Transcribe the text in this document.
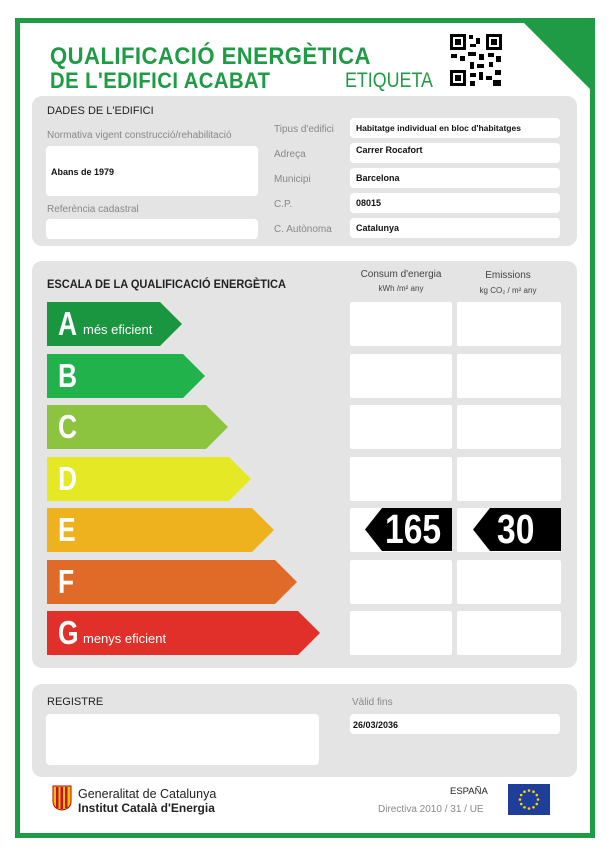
QUALIFICACIÓ ENERGÈTICA
DE L'EDIFICI ACABAT	ETIQUETA
DADES DE L'EDIFICI
Normativa vigent construcció/rehabilitació
Abans de 1979
Referència cadastral
Tipus d'edifici	Habitatge individual en bloc d'habitatges
Adreça	Carrer Rocafort
Municipi	Barcelona
C.P.	08015
C. Autònoma	Catalunya
ESCALA DE LA QUALIFICACIÓ ENERGÈTICA
Consum d'energia
kWh /m² any
Emissions
kg CO₂ / m² any
A més eficient
B
C
D
E	165 30
F
G menys eficient
REGISTRE	Vàlid fins
26/03/2036
Generalitat de Catalunya
Institut Català d'Energia
ESPAÑA
Directiva 2010 / 31 / UE
